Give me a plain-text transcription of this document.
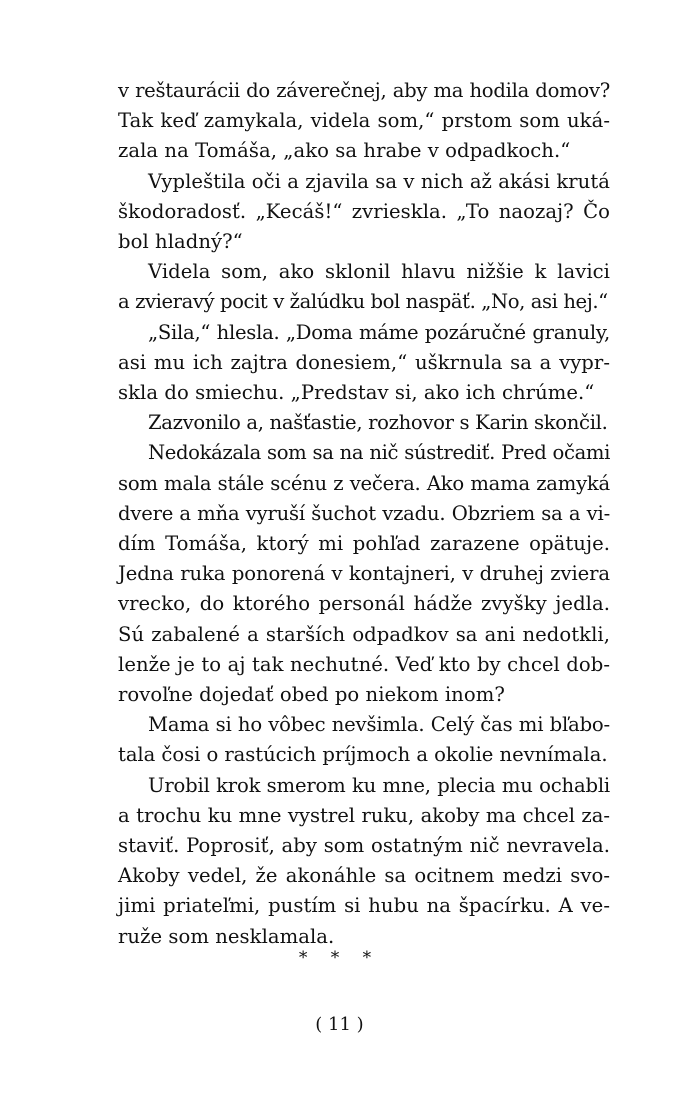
v reštaurácii do záverečnej, aby ma hodila domov?
Tak keď zamykala, videla som,“ prstom som uká-
zala na Tomáša, „ako sa hrabe v odpadkoch.“
Vypleštila oči a zjavila sa v nich až akási krutá
škodoradosť. „Kecáš!“ zvrieskla. „To naozaj? Čo
bol hladný?“
Videla som, ako sklonil hlavu nižšie k lavici
a zvieravý pocit v žalúdku bol naspäť. „No, asi hej.“
„Sila,“ hlesla. „Doma máme pozáručné granuly,
asi mu ich zajtra donesiem,“ uškrnula sa a vypr-
skla do smiechu. „Predstav si, ako ich chrúme.“
Zazvonilo a, našťastie, rozhovor s Karin skončil.
Nedokázala som sa na nič sústrediť. Pred očami
som mala stále scénu z večera. Ako mama zamyká
dvere a mňa vyruší šuchot vzadu. Obzriem sa a vi-
dím Tomáša, ktorý mi pohľad zarazene opätuje.
Jedna ruka ponorená v kontajneri, v druhej zviera
vrecko, do ktorého personál hádže zvyšky jedla.
Sú zabalené a starších odpadkov sa ani nedotkli,
lenže je to aj tak nechutné. Veď kto by chcel dob-
rovoľne dojedať obed po niekom inom?
Mama si ho vôbec nevšimla. Celý čas mi bľabo-
tala čosi o rastúcich príjmoch a okolie nevnímala.
Urobil krok smerom ku mne, plecia mu ochabli
a trochu ku mne vystrel ruku, akoby ma chcel za-
staviť. Poprosiť, aby som ostatným nič nevravela.
Akoby vedel, že akonáhle sa ocitnem medzi svo-
jimi priateľmi, pustím si hubu na špacírku. A ve-
ruže som nesklamala.
* * *
( 11 )
